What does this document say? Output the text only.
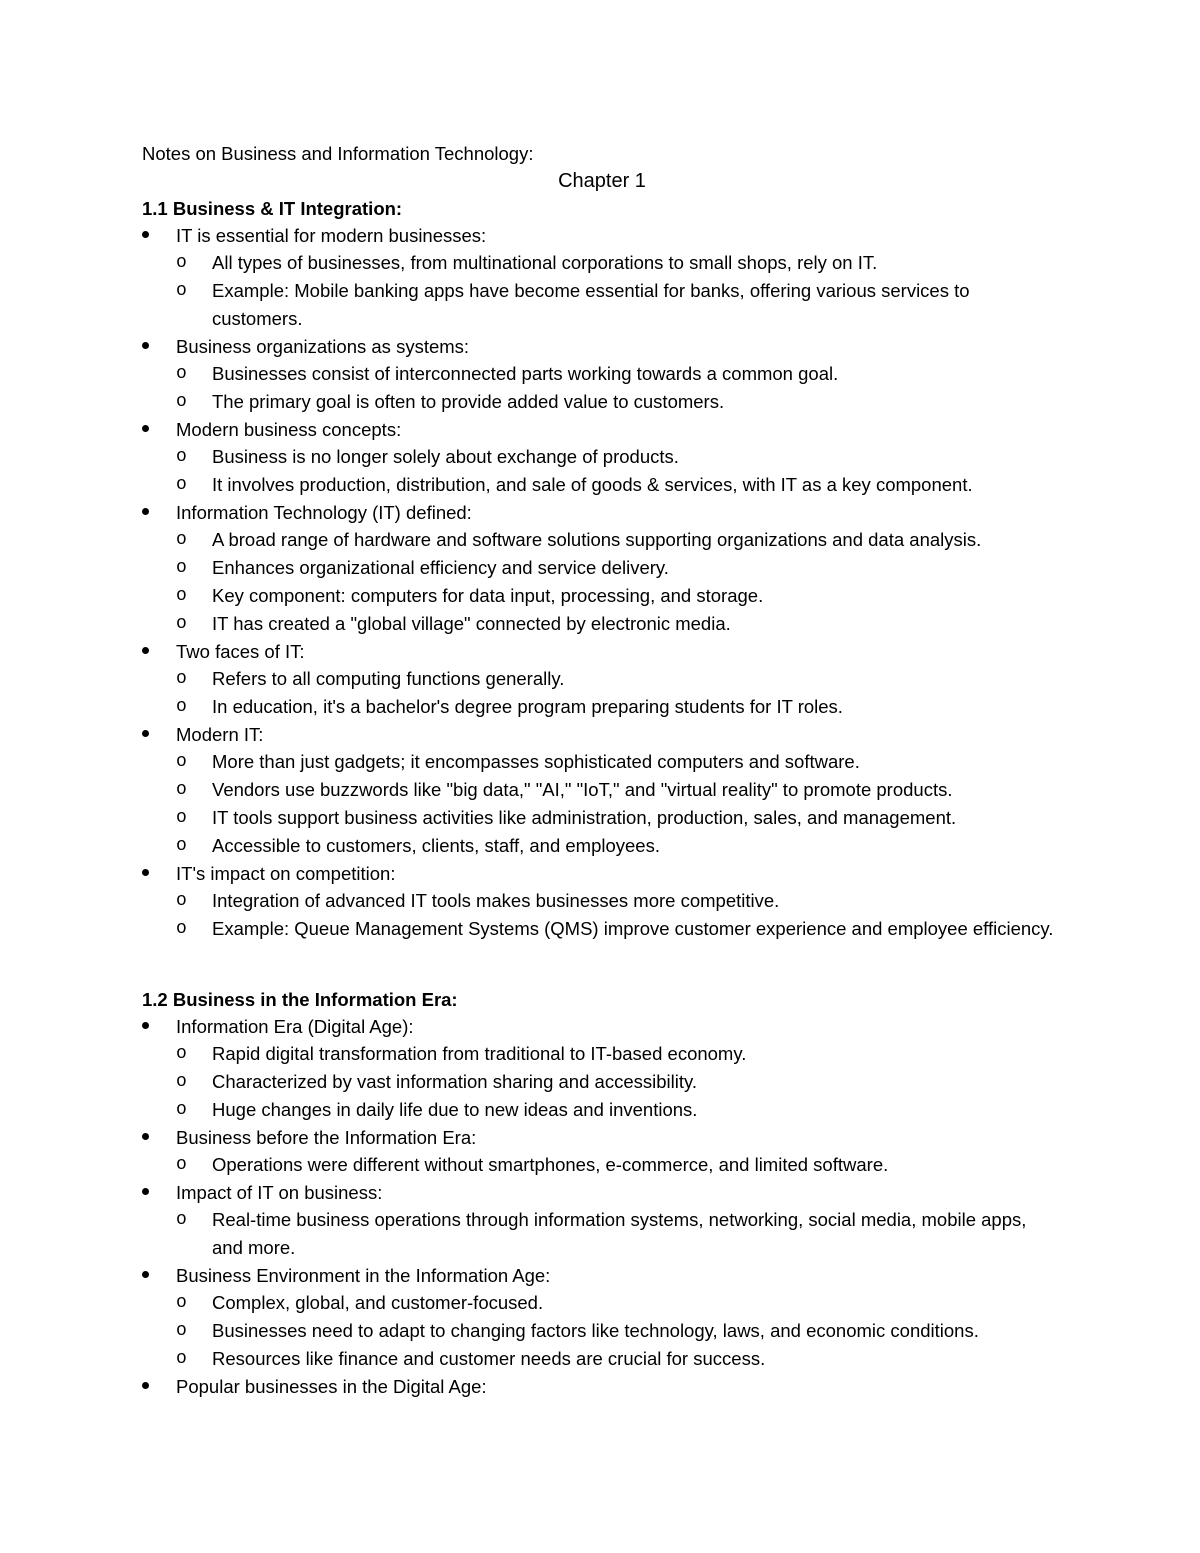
Notes on Business and Information Technology:
Chapter 1
1.1 Business & IT Integration:
IT is essential for modern businesses:
o All types of businesses, from multinational corporations to small shops, rely on IT.
o Example: Mobile banking apps have become essential for banks, offering various services to customers.
Business organizations as systems:
o Businesses consist of interconnected parts working towards a common goal.
o The primary goal is often to provide added value to customers.
Modern business concepts:
o Business is no longer solely about exchange of products.
o It involves production, distribution, and sale of goods & services, with IT as a key component.
Information Technology (IT) defined:
o A broad range of hardware and software solutions supporting organizations and data analysis.
o Enhances organizational efficiency and service delivery.
o Key component: computers for data input, processing, and storage.
o IT has created a "global village" connected by electronic media.
Two faces of IT:
o Refers to all computing functions generally.
o In education, it's a bachelor's degree program preparing students for IT roles.
Modern IT:
o More than just gadgets; it encompasses sophisticated computers and software.
o Vendors use buzzwords like "big data," "AI," "IoT," and "virtual reality" to promote products.
o IT tools support business activities like administration, production, sales, and management.
o Accessible to customers, clients, staff, and employees.
IT's impact on competition:
o Integration of advanced IT tools makes businesses more competitive.
o Example: Queue Management Systems (QMS) improve customer experience and employee efficiency.
1.2 Business in the Information Era:
Information Era (Digital Age):
o Rapid digital transformation from traditional to IT-based economy.
o Characterized by vast information sharing and accessibility.
o Huge changes in daily life due to new ideas and inventions.
Business before the Information Era:
o Operations were different without smartphones, e-commerce, and limited software.
Impact of IT on business:
o Real-time business operations through information systems, networking, social media, mobile apps, and more.
Business Environment in the Information Age:
o Complex, global, and customer-focused.
o Businesses need to adapt to changing factors like technology, laws, and economic conditions.
o Resources like finance and customer needs are crucial for success.
Popular businesses in the Digital Age:
